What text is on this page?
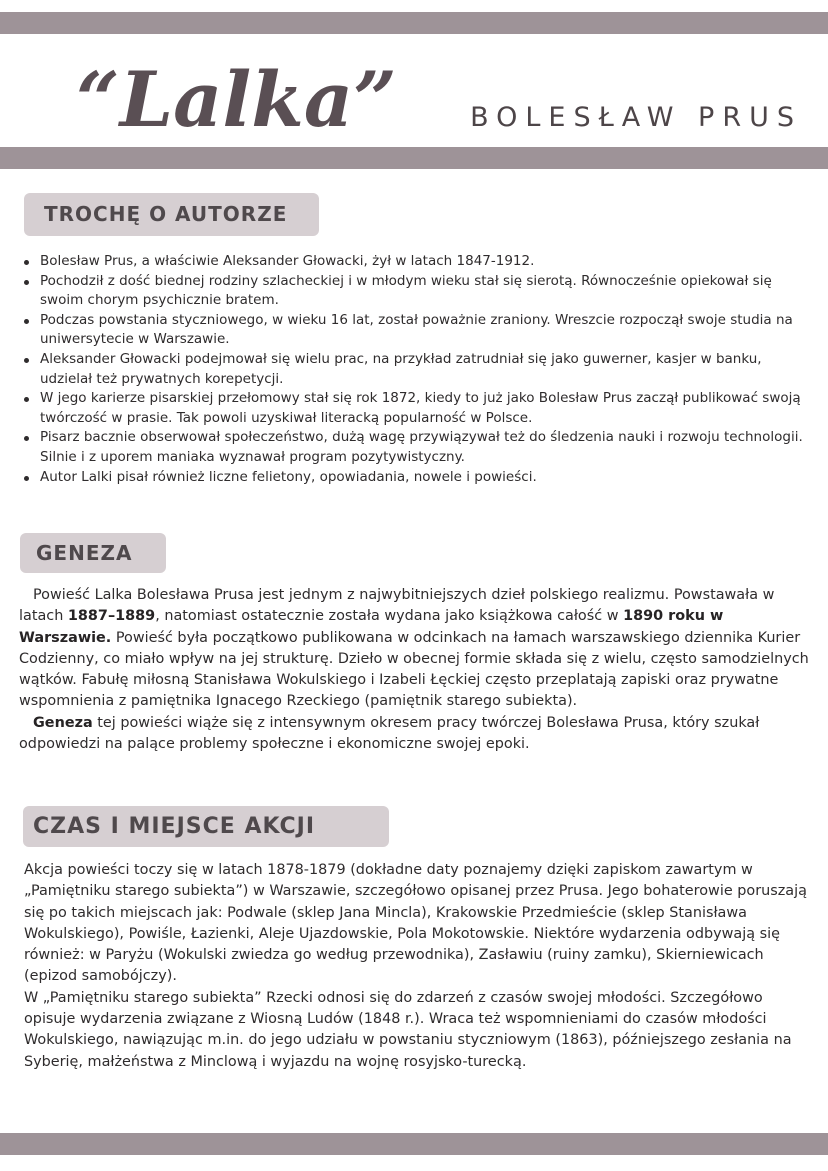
“Lalka”	BOLESŁAW PRUS
TROCHĘ O AUTORZE
Bolesław Prus, a właściwie Aleksander Głowacki, żył w latach 1847-1912.
Pochodził z dość biednej rodziny szlacheckiej i w młodym wieku stał się sierotą. Równocześnie opiekował się swoim chorym psychicznie bratem.
Podczas powstania styczniowego, w wieku 16 lat, został poważnie zraniony. Wreszcie rozpoczął swoje studia na uniwersytecie w Warszawie.
Aleksander Głowacki podejmował się wielu prac, na przykład zatrudniał się jako guwerner, kasjer w banku, udzielał też prywatnych korepetycji.
W jego karierze pisarskiej przełomowy stał się rok 1872, kiedy to już jako Bolesław Prus zaczął publikować swoją twórczość w prasie. Tak powoli uzyskiwał literacką popularność w Polsce.
Pisarz bacznie obserwował społeczeństwo, dużą wagę przywiązywał też do śledzenia nauki i rozwoju technologii. Silnie i z uporem maniaka wyznawał program pozytywistyczny.
Autor Lalki pisał również liczne felietony, opowiadania, nowele i powieści.
GENEZA

Powieść Lalka Bolesława Prusa jest jednym z najwybitniejszych dzieł polskiego realizmu. Powstawała w latach 1887–1889, natomiast ostatecznie została wydana jako książkowa całość w 1890 roku w Warszawie. Powieść była początkowo publikowana w odcinkach na łamach warszawskiego dziennika Kurier Codzienny, co miało wpływ na jej strukturę. Dzieło w obecnej formie składa się z wielu, często samodzielnych wątków. Fabułę miłosną Stanisława Wokulskiego i Izabeli Łęckiej często przeplatają zapiski oraz prywatne wspomnienia z pamiętnika Ignacego Rzeckiego (pamiętnik starego subiekta).
Geneza tej powieści wiąże się z intensywnym okresem pracy twórczej Bolesława Prusa, który szukał odpowiedzi na palące problemy społeczne i ekonomiczne swojej epoki.

CZAS I MIEJSCE AKCJI

Akcja powieści toczy się w latach 1878-1879 (dokładne daty poznajemy dzięki zapiskom zawartym w „Pamiętniku starego subiekta”) w Warszawie, szczegółowo opisanej przez Prusa. Jego bohaterowie poruszają się po takich miejscach jak: Podwale (sklep Jana Mincla), Krakowskie Przedmieście (sklep Stanisława Wokulskiego), Powiśle, Łazienki, Aleje Ujazdowskie, Pola Mokotowskie. Niektóre wydarzenia odbywają się również: w Paryżu (Wokulski zwiedza go według przewodnika), Zasławiu (ruiny zamku), Skierniewicach (epizod samobójczy).
W „Pamiętniku starego subiekta” Rzecki odnosi się do zdarzeń z czasów swojej młodości. Szczegółowo opisuje wydarzenia związane z Wiosną Ludów (1848 r.). Wraca też wspomnieniami do czasów młodości Wokulskiego, nawiązując m.in. do jego udziału w powstaniu styczniowym (1863), późniejszego zesłania na Syberię, małżeństwa z Minclową i wyjazdu na wojnę rosyjsko-turecką.
